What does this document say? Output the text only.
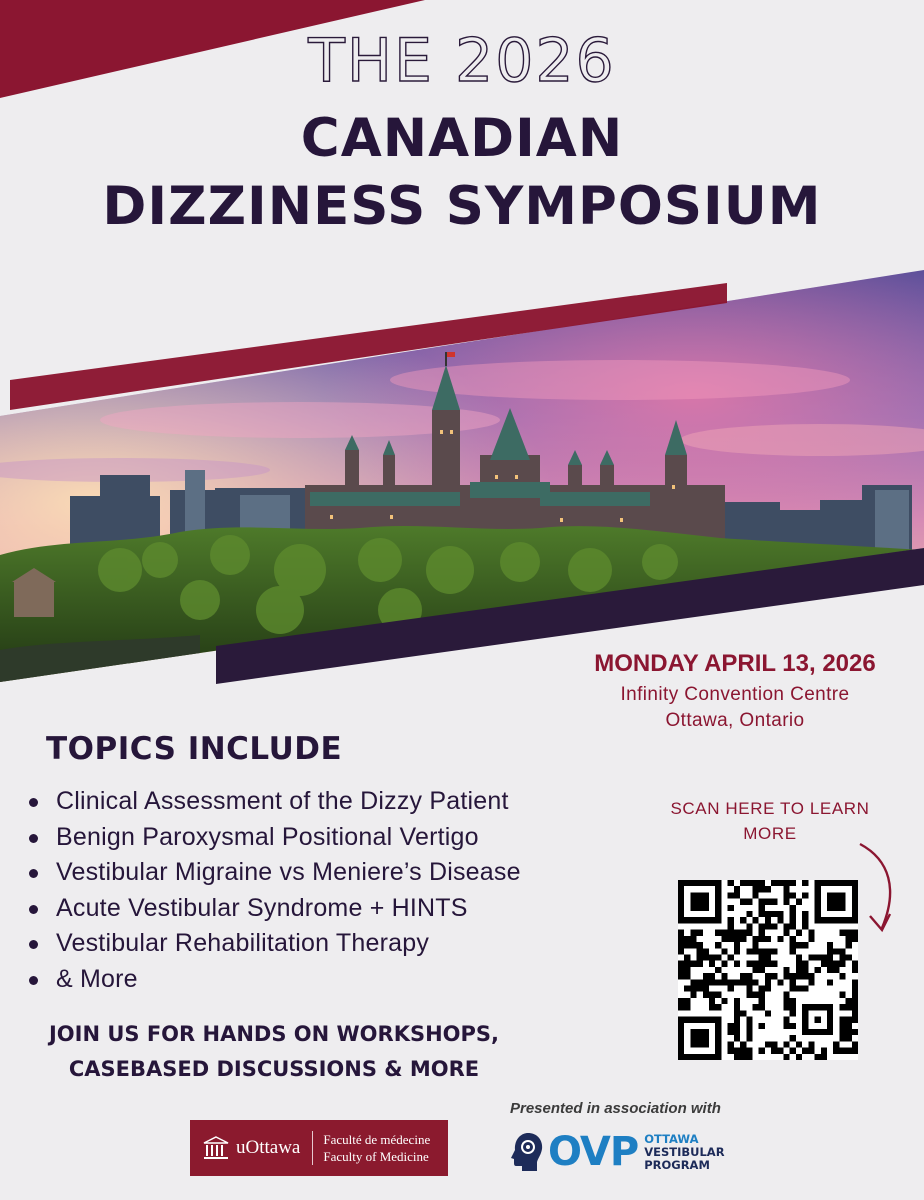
THE 2026
CANADIAN
DIZZINESS SYMPOSIUM
MONDAY APRIL 13, 2026
Infinity Convention Centre
Ottawa, Ontario
TOPICS INCLUDE
Clinical Assessment of the Dizzy Patient
Benign Paroxysmal Positional Vertigo
Vestibular Migraine vs Meniere’s Disease
Acute Vestibular Syndrome + HINTS
Vestibular Rehabilitation Therapy
& More
JOIN US FOR HANDS ON WORKSHOPS,
CASEBASED DISCUSSIONS & MORE
SCAN HERE TO LEARN
MORE
Presented in association with
uOttawa Faculté de médecine
Faculty of Medicine	OVP OTTAWA
VESTIBULAR
PROGRAM
